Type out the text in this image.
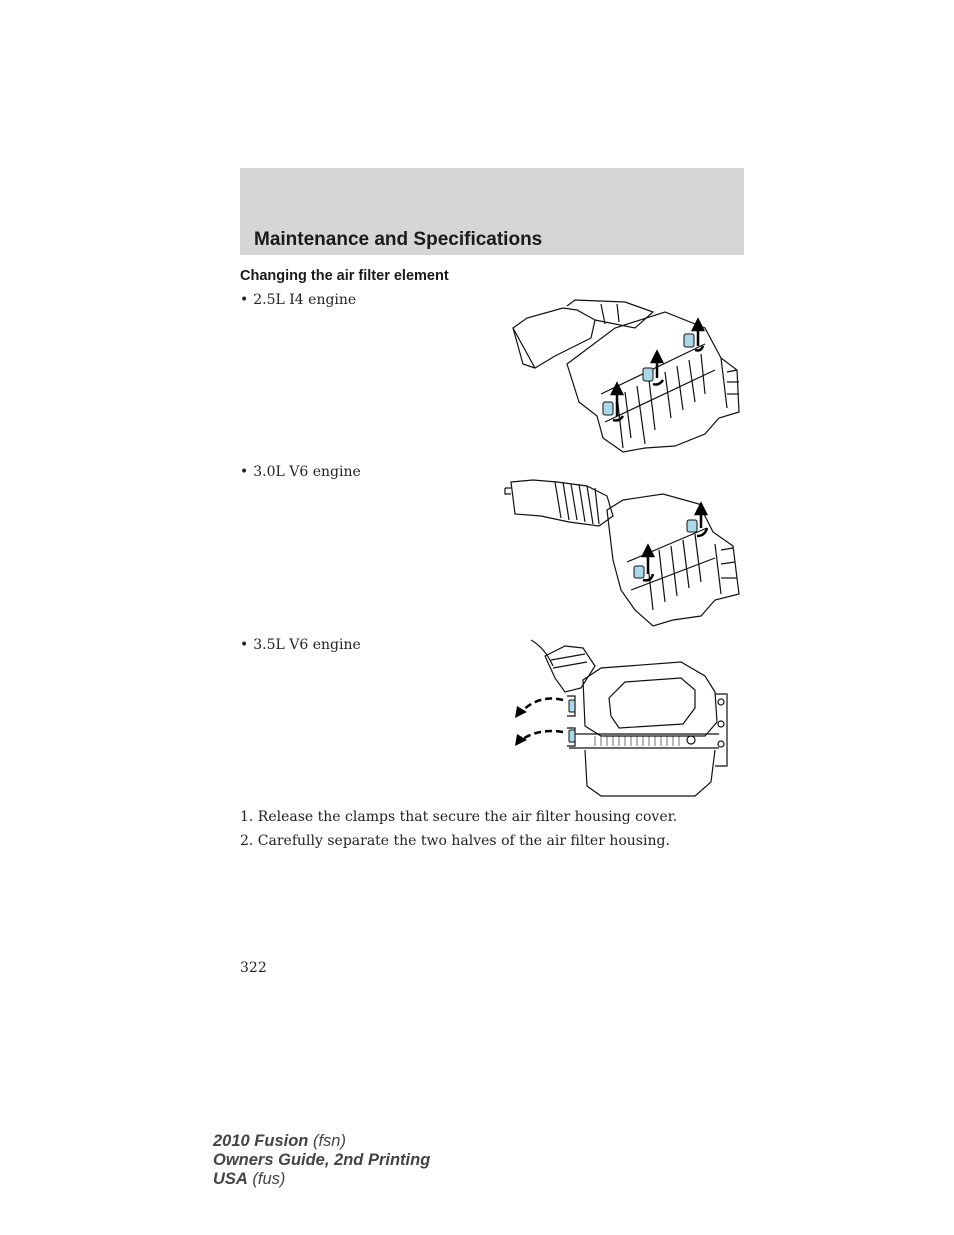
Maintenance and Specifications
Changing the air filter element
• 2.5L I4 engine
• 3.0L V6 engine
• 3.5L V6 engine
1. Release the clamps that secure the air filter housing cover.
2. Carefully separate the two halves of the air filter housing.
322
2010 Fusion (fsn)
Owners Guide, 2nd Printing
USA (fus)
